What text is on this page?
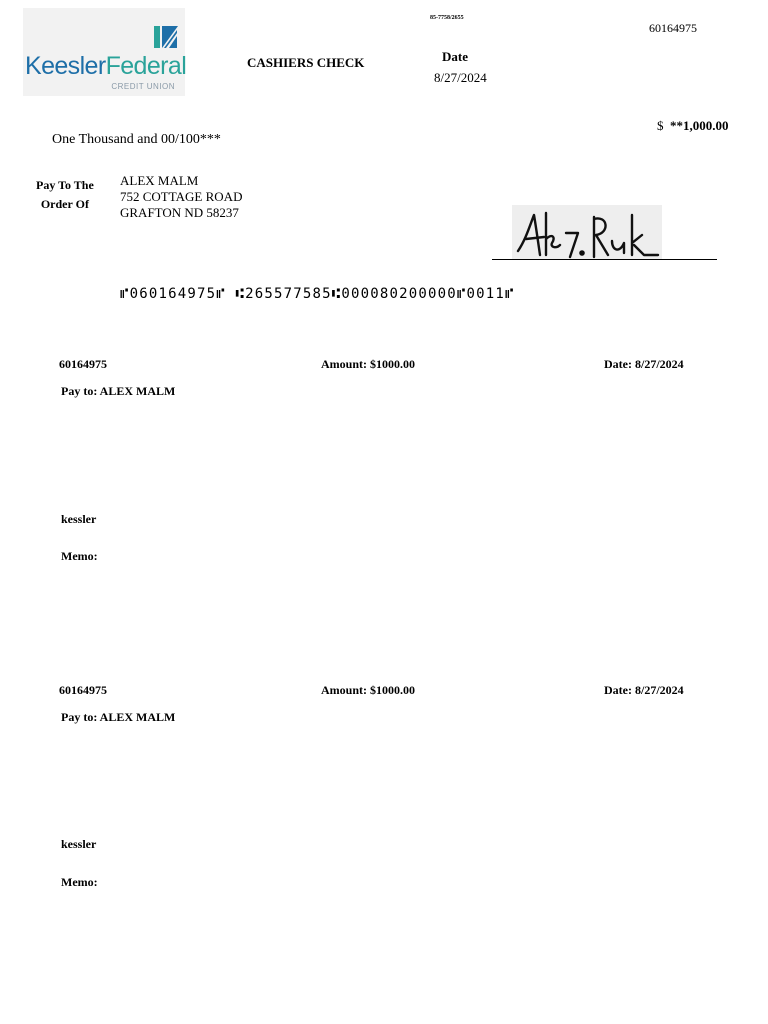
KeeslerFederal
CREDIT UNION
CASHIERS CHECK
85-7758/2655
60164975
Date
8/27/2024
$ **1,000.00
One Thousand and 00/100***
Pay To The
Order Of
ALEX MALM
752 COTTAGE ROAD
GRAFTON ND 58237
⑈060164975⑈ ⑆265577585⑆000080200000⑈0011⑈
60164975	Amount: $1000.00	Date: 8/27/2024
Pay to: ALEX MALM
kessler
Memo:
60164975	Amount: $1000.00	Date: 8/27/2024
Pay to: ALEX MALM
kessler
Memo:
